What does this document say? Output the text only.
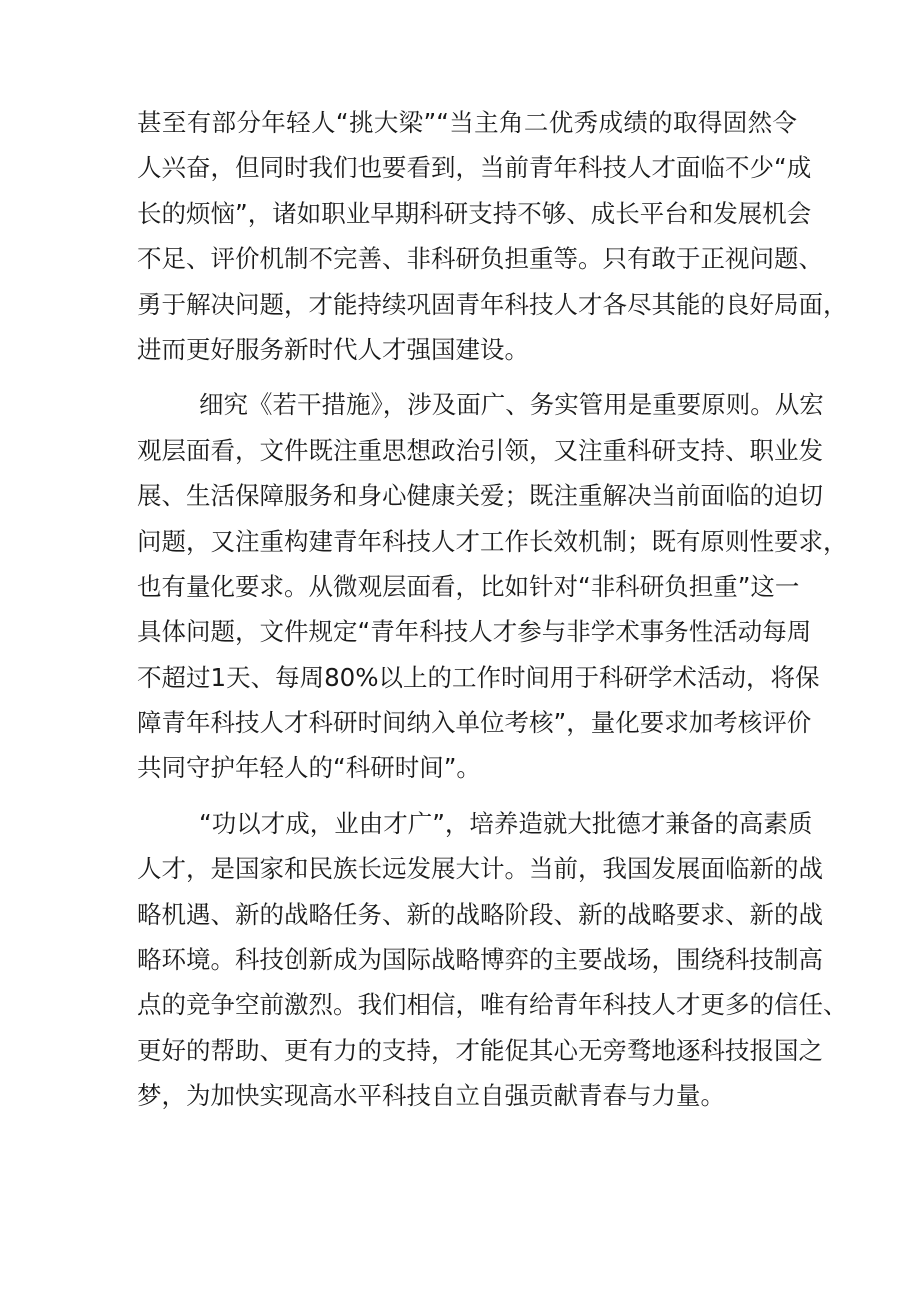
甚至有部分年轻人“挑大梁”“当主角二优秀成绩的取得固然令
人兴奋，但同时我们也要看到，当前青年科技人才面临不少“成
长的烦恼”，诸如职业早期科研支持不够、成长平台和发展机会
不足、评价机制不完善、非科研负担重等。只有敢于正视问题、
勇于解决问题，才能持续巩固青年科技人才各尽其能的良好局面，
进而更好服务新时代人才强国建设。
细究《若干措施》，涉及面广、务实管用是重要原则。从宏
观层面看，文件既注重思想政治引领，又注重科研支持、职业发
展、生活保障服务和身心健康关爱；既注重解决当前面临的迫切
问题，又注重构建青年科技人才工作长效机制；既有原则性要求，
也有量化要求。从微观层面看，比如针对“非科研负担重”这一
具体问题，文件规定“青年科技人才参与非学术事务性活动每周
不超过1天、每周80%以上的工作时间用于科研学术活动，将保
障青年科技人才科研时间纳入单位考核”，量化要求加考核评价
共同守护年轻人的“科研时间”。
“功以才成，业由才广”，培养造就大批德才兼备的高素质
人才，是国家和民族长远发展大计。当前，我国发展面临新的战
略机遇、新的战略任务、新的战略阶段、新的战略要求、新的战
略环境。科技创新成为国际战略博弈的主要战场，围绕科技制高
点的竞争空前激烈。我们相信，唯有给青年科技人才更多的信任、
更好的帮助、更有力的支持，才能促其心无旁骛地逐科技报国之
梦，为加快实现高水平科技自立自强贡献青春与力量。
